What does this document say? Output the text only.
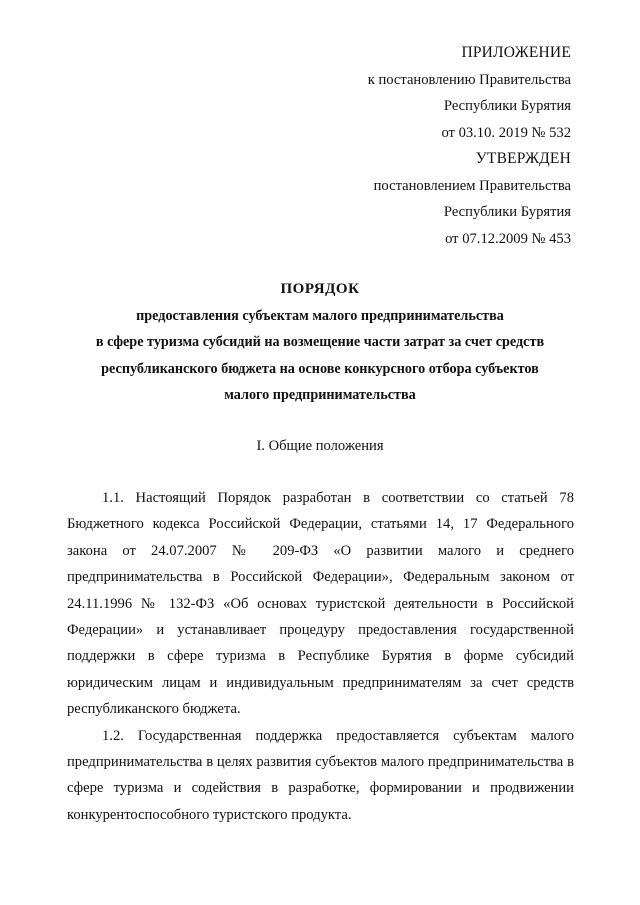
ПРИЛОЖЕНИЕ
к постановлению Правительства
Республики Бурятия
от 03.10. 2019 № 532
УТВЕРЖДЕН
постановлением Правительства
Республики Бурятия
от 07.12.2009 № 453
ПОРЯДОК
предоставления субъектам малого предпринимательства
в сфере туризма субсидий на возмещение части затрат за счет средств
республиканского бюджета на основе конкурсного отбора субъектов
малого предпринимательства
I. Общие положения

1.1. Настоящий Порядок разработан в соответствии со статьей 78 Бюджетного кодекса Российской Федерации, статьями 14, 17 Федерального закона от 24.07.2007 № 209-ФЗ «О развитии малого и среднего предпринимательства в Российской Федерации», Федеральным законом от 24.11.1996 № 132-ФЗ «Об основах туристской деятельности в Российской Федерации» и устанавливает процедуру предоставления государственной поддержки в сфере туризма в Республике Бурятия в форме субсидий юридическим лицам и индивидуальным предпринимателям за счет средств республиканского бюджета.

1.2. Государственная поддержка предоставляется субъектам малого предпринимательства в целях развития субъектов малого предпринимательства в сфере туризма и содействия в разработке, формировании и продвижении конкурентоспособного туристского продукта.
